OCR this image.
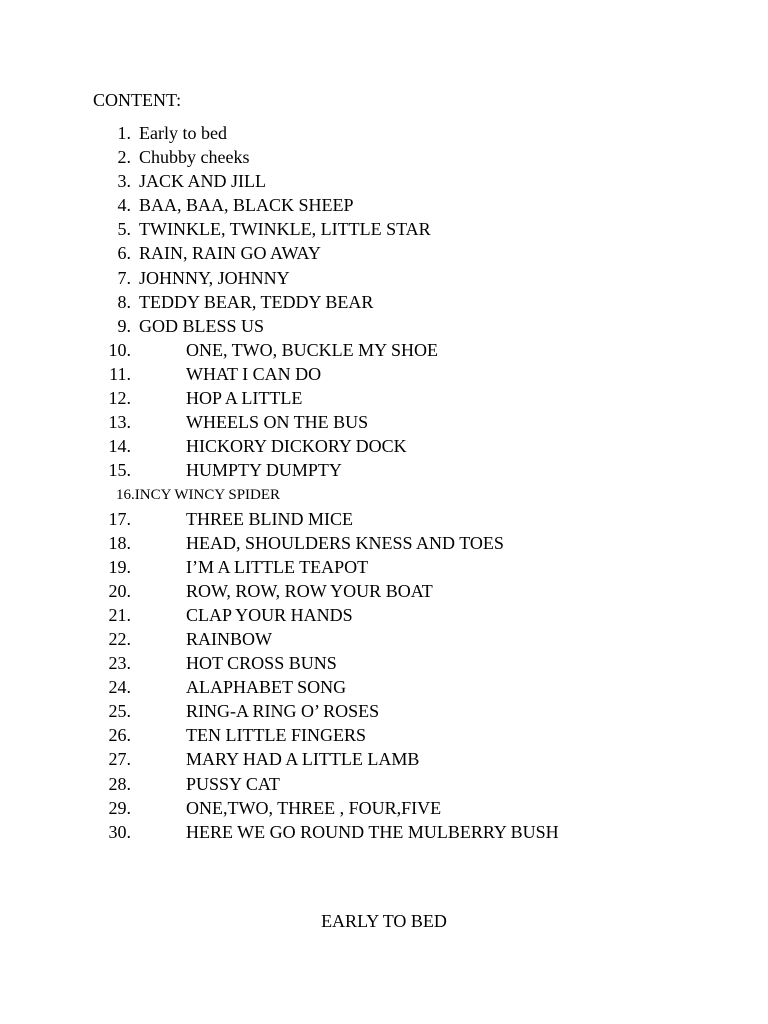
CONTENT:
1. Early to bed
2. Chubby cheeks
3. JACK AND JILL
4. BAA, BAA, BLACK SHEEP
5. TWINKLE, TWINKLE, LITTLE STAR
6. RAIN, RAIN GO AWAY
7. JOHNNY, JOHNNY
8. TEDDY BEAR, TEDDY BEAR
9. GOD BLESS US
10.	ONE, TWO, BUCKLE MY SHOE
11.	WHAT I CAN DO
12.	HOP A LITTLE
13.	WHEELS ON THE BUS
14.	HICKORY DICKORY DOCK
15.	HUMPTY DUMPTY
16.INCY WINCY SPIDER
17.	THREE BLIND MICE
18.	HEAD, SHOULDERS KNESS AND TOES
19.	I’M A LITTLE TEAPOT
20.	ROW, ROW, ROW YOUR BOAT
21.	CLAP YOUR HANDS
22.	RAINBOW
23.	HOT CROSS BUNS
24.	ALAPHABET SONG
25.	RING-A RING O’ ROSES
26.	TEN LITTLE FINGERS
27.	MARY HAD A LITTLE LAMB
28.	PUSSY CAT
29.	ONE,TWO, THREE , FOUR,FIVE
30.	HERE WE GO ROUND THE MULBERRY BUSH
EARLY TO BED
